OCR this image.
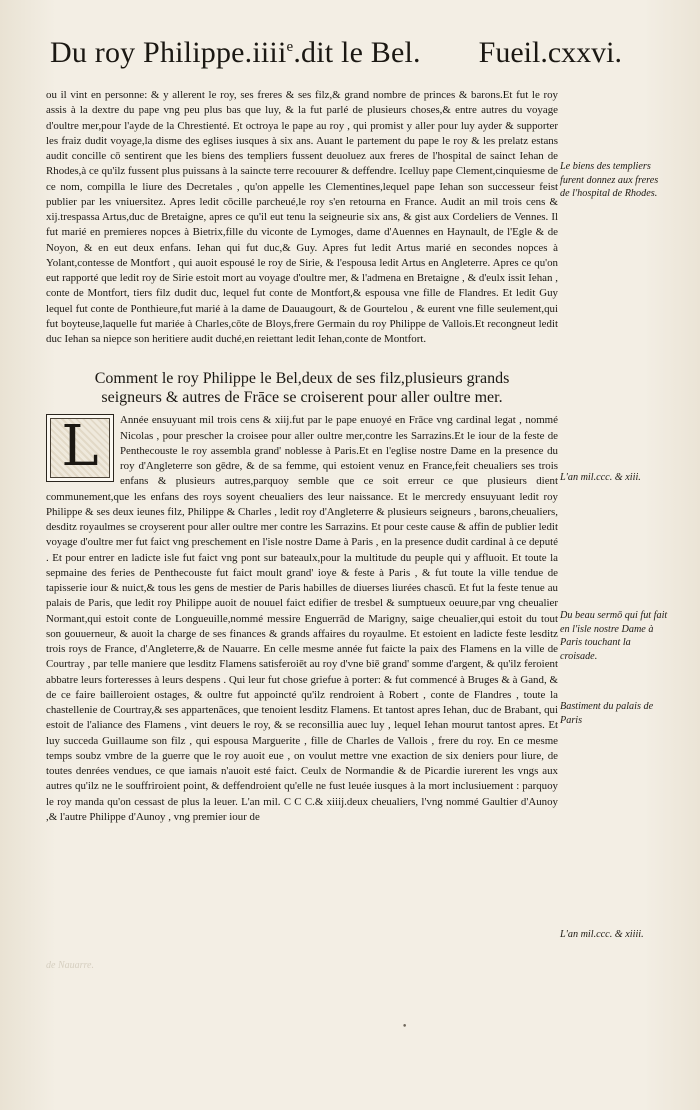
Du roy Philippe.iiii$^e$.dit le Bel. Fueil.cxxvi.

ou il vint en personne: & y allerent le roy, ses freres & ses filz,& grand nombre de princes & barons.Et fut le roy assis à la dextre du pape vng peu plus bas que luy, & la fut parlé de plusieurs choses,& entre autres du voyage d'oultre mer,pour l'ayde de la Chrestienté. Et octroya le pape au roy , qui promist y aller pour luy ayder & supporter les fraiz dudit voyage,la disme des eglises iusques à six ans. Auant le partement du pape le roy & les prelatz estans audit concille cō sentirent que les biens des templiers fussent deuoluez aux freres de l'hospital de sainct Iehan de Rhodes,à ce qu'ilz fussent plus puissans à la saincte terre recouurer & deffendre. Icelluy pape Clement,cinquiesme de ce nom, compilla le liure des Decretales , qu'on appelle les Clementines,lequel pape Iehan son successeur feist publier par les vniuersitez. Apres ledit cōcille parcheué,le roy s'en retourna en France. Audit an mil trois cens & xij.trespassa Artus,duc de Bretaigne, apres ce qu'il eut tenu la seigneurie six ans, & gist aux Cordeliers de Vennes. Il fut marié en premieres nopces à Bietrix,fille du viconte de Lymoges, dame d'Auennes en Haynault, de l'Egle & de Noyon, & en eut deux enfans. Iehan qui fut duc,& Guy. Apres fut ledit Artus marié en secondes nopces à Yolant,contesse de Montfort , qui auoit espousé le roy de Sirie, & l'espousa ledit Artus en Angleterre. Apres ce qu'on eut rapporté que ledit roy de Sirie estoit mort au voyage d'oultre mer, & l'admena en Bretaigne , & d'eulx issit Iehan , conte de Montfort, tiers filz dudit duc, lequel fut conte de Montfort,& espousa vne fille de Flandres. Et ledit Guy lequel fut conte de Ponthieure,fut marié à la dame de Dauaugourt, & de Gourtelou , & eurent vne fille seulement,qui fut boyteuse,laquelle fut mariée à Charles,cōte de Bloys,frere Germain du roy Philippe de Vallois.Et recongneut ledit duc Iehan sa niepce son heritiere audit duché,en reiettant ledit Iehan,conte de Montfort.

Comment le roy Philippe le Bel,deux de ses filz,plusieurs grands seigneurs & autres de Frāce se croiserent pour aller oultre mer.

L	Année ensuyuant mil trois cens & xiij.fut par le pape enuoyé en Frāce vng cardinal legat , nommé Nicolas , pour prescher la croisee pour aller oultre mer,contre les Sarrazins.Et le iour de la feste de Penthecouste le roy assembla grand' noblesse à Paris.Et en l'eglise nostre Dame en la presence du roy d'Angleterre son gēdre, & de sa femme, qui estoient venuz en France,feit cheualiers ses trois enfans & plusieurs autres,parquoy semble que ce soit erreur ce que plusieurs dient communement,que les enfans des roys soyent cheualiers des leur naissance. Et le mercredy ensuyuant ledit roy Philippe & ses deux ieunes filz, Philippe & Charles , ledit roy d'Angleterre & plusieurs seigneurs , barons,cheualiers, desditz royaulmes se croyserent pour aller oultre mer contre les Sarrazins. Et pour ceste cause & affin de publier ledit voyage d'oultre mer fut faict vng preschement en l'isle nostre Dame à Paris , en la presence dudit cardinal à ce deputé . Et pour entrer en ladicte isle fut faict vng pont sur bateaulx,pour la multitude du peuple qui y affluoit. Et toute la sepmaine des feries de Penthecouste fut faict moult grand' ioye & feste à Paris , & fut toute la ville tendue de tapisserie iour & nuict,& tous les gens de mestier de Paris habilles de diuerses liurées chascū. Et fut la feste tenue au palais de Paris, que ledit roy Philippe auoit de nouuel faict edifier de tresbel & sumptueux oeuure,par vng cheualier Normant,qui estoit conte de Longueuille,nommé messire Enguerrād de Marigny, saige cheualier,qui estoit du tout son gouuerneur, & auoit la charge de ses finances & grands affaires du royaulme. Et estoient en ladicte feste lesditz trois roys de France, d'Angleterre,& de Nauarre. En celle mesme année fut faicte la paix des Flamens en la ville de Courtray , par telle maniere que lesditz Flamens satisferoiēt au roy d'vne biē grand' somme d'argent, & qu'ilz feroient abbatre leurs forteresses à leurs despens . Qui leur fut chose griefue à porter: & fut commencé à Bruges & à Gand, & de ce faire bailleroient ostages, & oultre fut appoincté qu'ilz rendroient à Robert , conte de Flandres , toute la chastellenie de Courtray,& ses appartenāces, que tenoient lesditz Flamens. Et tantost apres Iehan, duc de Brabant, qui estoit de l'aliance des Flamens , vint deuers le roy, & se reconsillia auec luy , lequel Iehan mourut tantost apres. Et luy succeda Guillaume son filz , qui espousa Marguerite , fille de Charles de Vallois , frere du roy. En ce mesme temps soubz vmbre de la guerre que le roy auoit eue , on voulut mettre vne exaction de six deniers pour liure, de toutes denrées vendues, ce que iamais n'auoit esté faict. Ceulx de Normandie & de Picardie iurerent les vngs aux autres qu'ilz ne le souffriroient point, & deffendroient qu'elle ne fust leuée iusques à la mort inclusiuement : parquoy le roy manda qu'on cessast de plus la leuer. L'an mil. C C C.& xiiij.deux cheualiers, l'vng nommé Gaultier d'Aunoy ,& l'autre Philippe d'Aunoy , vng premier iour de

Le biens des templiers furent donnez aux freres de l'hospital de Rhodes.
L'an mil.ccc. & xiii.
Du beau sermō qui fut fait en l'isle nostre Dame à Paris touchant la croisade.
Bastiment du palais de Paris
L'an mil.ccc. & xiiii.
de Nauarre.
•
